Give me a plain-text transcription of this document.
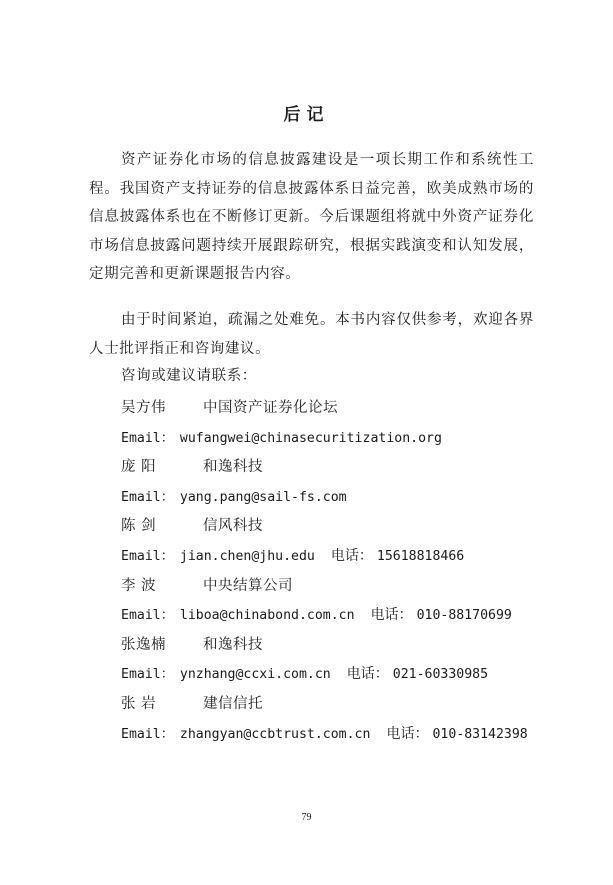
后记
资产证券化市场的信息披露建设是一项长期工作和系统性工程。我国资产支持证券的信息披露体系日益完善，欧美成熟市场的信息披露体系也在不断修订更新。今后课题组将就中外资产证券化市场信息披露问题持续开展跟踪研究，根据实践演变和认知发展，定期完善和更新课题报告内容。
由于时间紧迫，疏漏之处难免。本书内容仅供参考，欢迎各界人士批评指正和咨询建议。
咨询或建议请联系：
吴方伟	中国资产证券化论坛
Email： wufangwei@chinasecuritization.org
庞 阳	和逸科技
Email： yang.pang@sail-fs.com
陈 剑	信风科技
Email： jian.chen@jhu.edu 电话： 15618818466
李 波	中央结算公司
Email： liboa@chinabond.com.cn 电话： 010-88170699
张逸楠	和逸科技
Email： ynzhang@ccxi.com.cn 电话： 021-60330985
张 岩	建信信托
Email： zhangyan@ccbtrust.com.cn 电话： 010-83142398
79
